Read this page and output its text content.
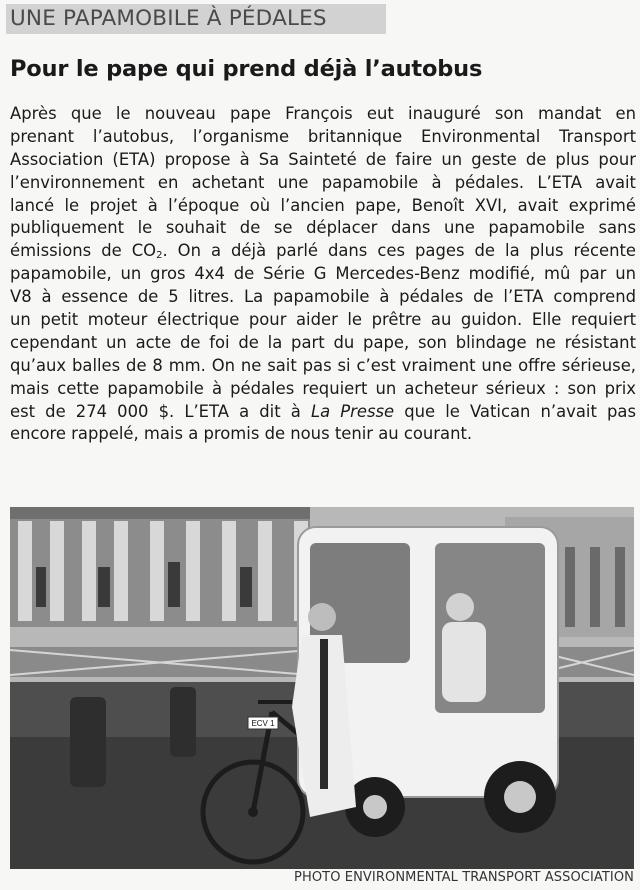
UNE PAPAMOBILE À PÉDALES
Pour le pape qui prend déjà l’autobus
Après que le nouveau pape François eut inauguré son mandat en
prenant l’autobus, l’organisme britannique Environmental Transport
Association (ETA) propose à Sa Sainteté de faire un geste de plus pour
l’environnement en achetant une papamobile à pédales. L’ETA avait
lancé le projet à l’époque où l’ancien pape, Benoît XVI, avait exprimé
publiquement le souhait de se déplacer dans une papamobile sans
émissions de $CO_2$. On a déjà parlé dans ces pages de la plus récente
papamobile, un gros 4x4 de Série G Mercedes-Benz modifié, mû par un
V8 à essence de 5 litres. La papamobile à pédales de l’ETA comprend
un petit moteur électrique pour aider le prêtre au guidon. Elle requiert
cependant un acte de foi de la part du pape, son blindage ne résistant
qu’aux balles de 8 mm. On ne sait pas si c’est vraiment une offre sérieuse,
mais cette papamobile à pédales requiert un acheteur sérieux : son prix
est de 274 000 $. L’ETA a dit à La Presse que le Vatican n’avait pas
encore rappelé, mais a promis de nous tenir au courant.
ECV 1
PHOTO ENVIRONMENTAL TRANSPORT ASSOCIATION
